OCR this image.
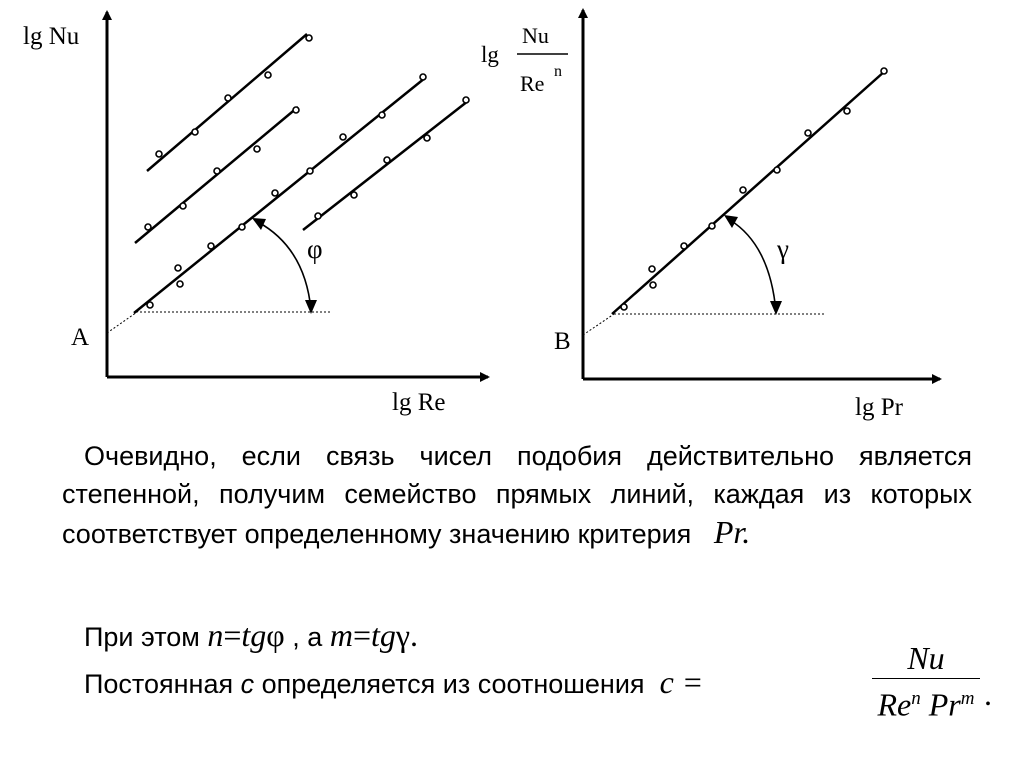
lg Nu
lg Re
A
φ
lg
Nu
Re n
lg Pr
B
γ
Очевидно, если связь чисел подобия действительно является степенной, получим семейство прямых линий, каждая из которых соответствует определенному значению критерия Pr.
При этом n=tgφ , а m=tgγ.
Постоянная с определяется из соотношения c =
Nu
Re$^n$ Pr$^m$ .
